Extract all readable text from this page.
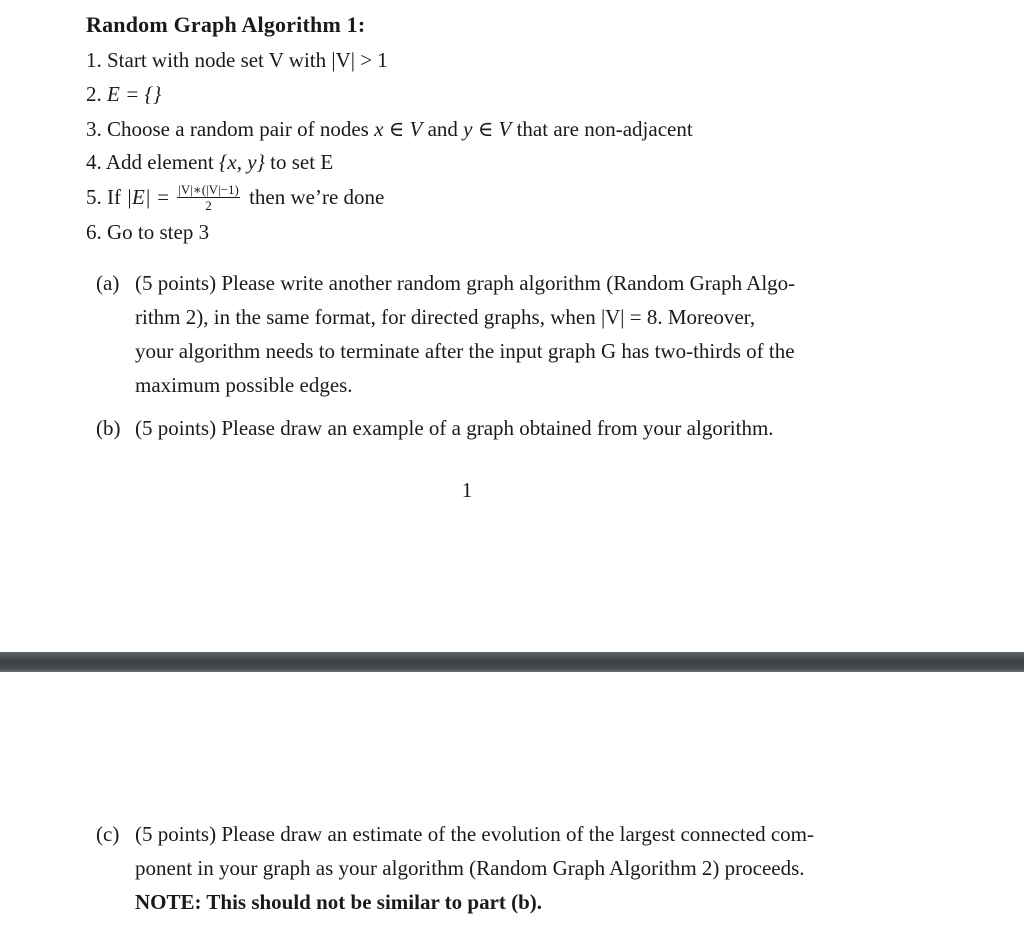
Random Graph Algorithm 1:
1. Start with node set V with |V| > 1
2. E = {}
3. Choose a random pair of nodes x ∈ V and y ∈ V that are non-adjacent
4. Add element {x, y} to set E
5. If $|E| = \frac{|V|∗(|V|-1)}{2}$ then we’re done
6. Go to step 3
(a) (5 points) Please write another random graph algorithm (Random Graph Algo-
rithm 2), in the same format, for directed graphs, when |V| = 8. Moreover,
your algorithm needs to terminate after the input graph G has two-thirds of the
maximum possible edges.
(b) (5 points) Please draw an example of a graph obtained from your algorithm.
1
(c) (5 points) Please draw an estimate of the evolution of the largest connected com-
ponent in your graph as your algorithm (Random Graph Algorithm 2) proceeds.
NOTE: This should not be similar to part (b).
